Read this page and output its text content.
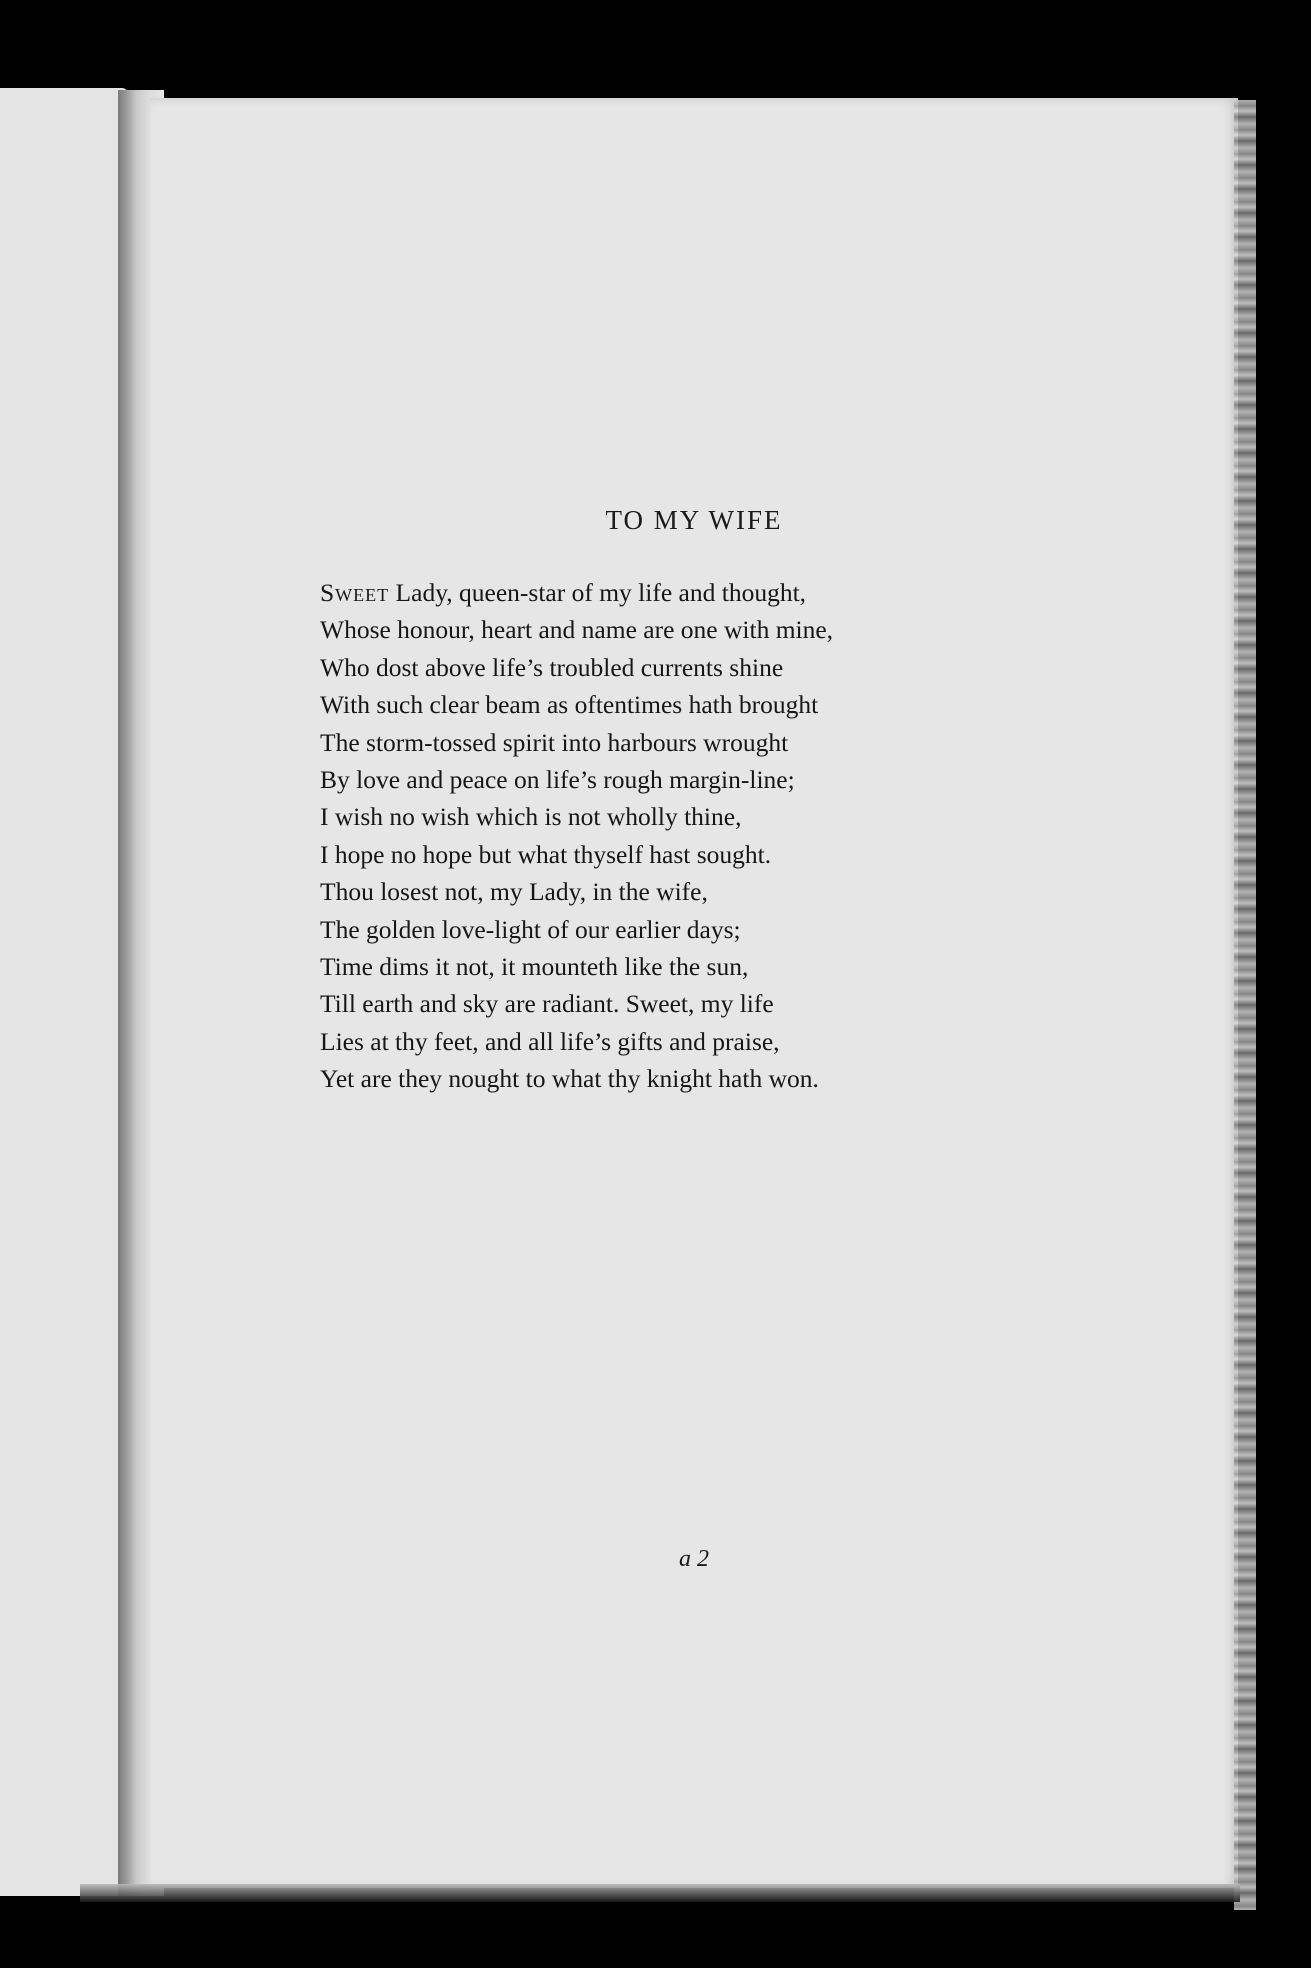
TO MY WIFE
Sweet Lady, queen-star of my life and thought,
Whose honour, heart and name are one with mine,
Who dost above life’s troubled currents shine
With such clear beam as oftentimes hath brought
The storm-tossed spirit into harbours wrought
By love and peace on life’s rough margin-line;
I wish no wish which is not wholly thine,
I hope no hope but what thyself hast sought.
Thou losest not, my Lady, in the wife,
The golden love-light of our earlier days;
Time dims it not, it mounteth like the sun,
Till earth and sky are radiant. Sweet, my life
Lies at thy feet, and all life’s gifts and praise,
Yet are they nought to what thy knight hath won.
a 2
